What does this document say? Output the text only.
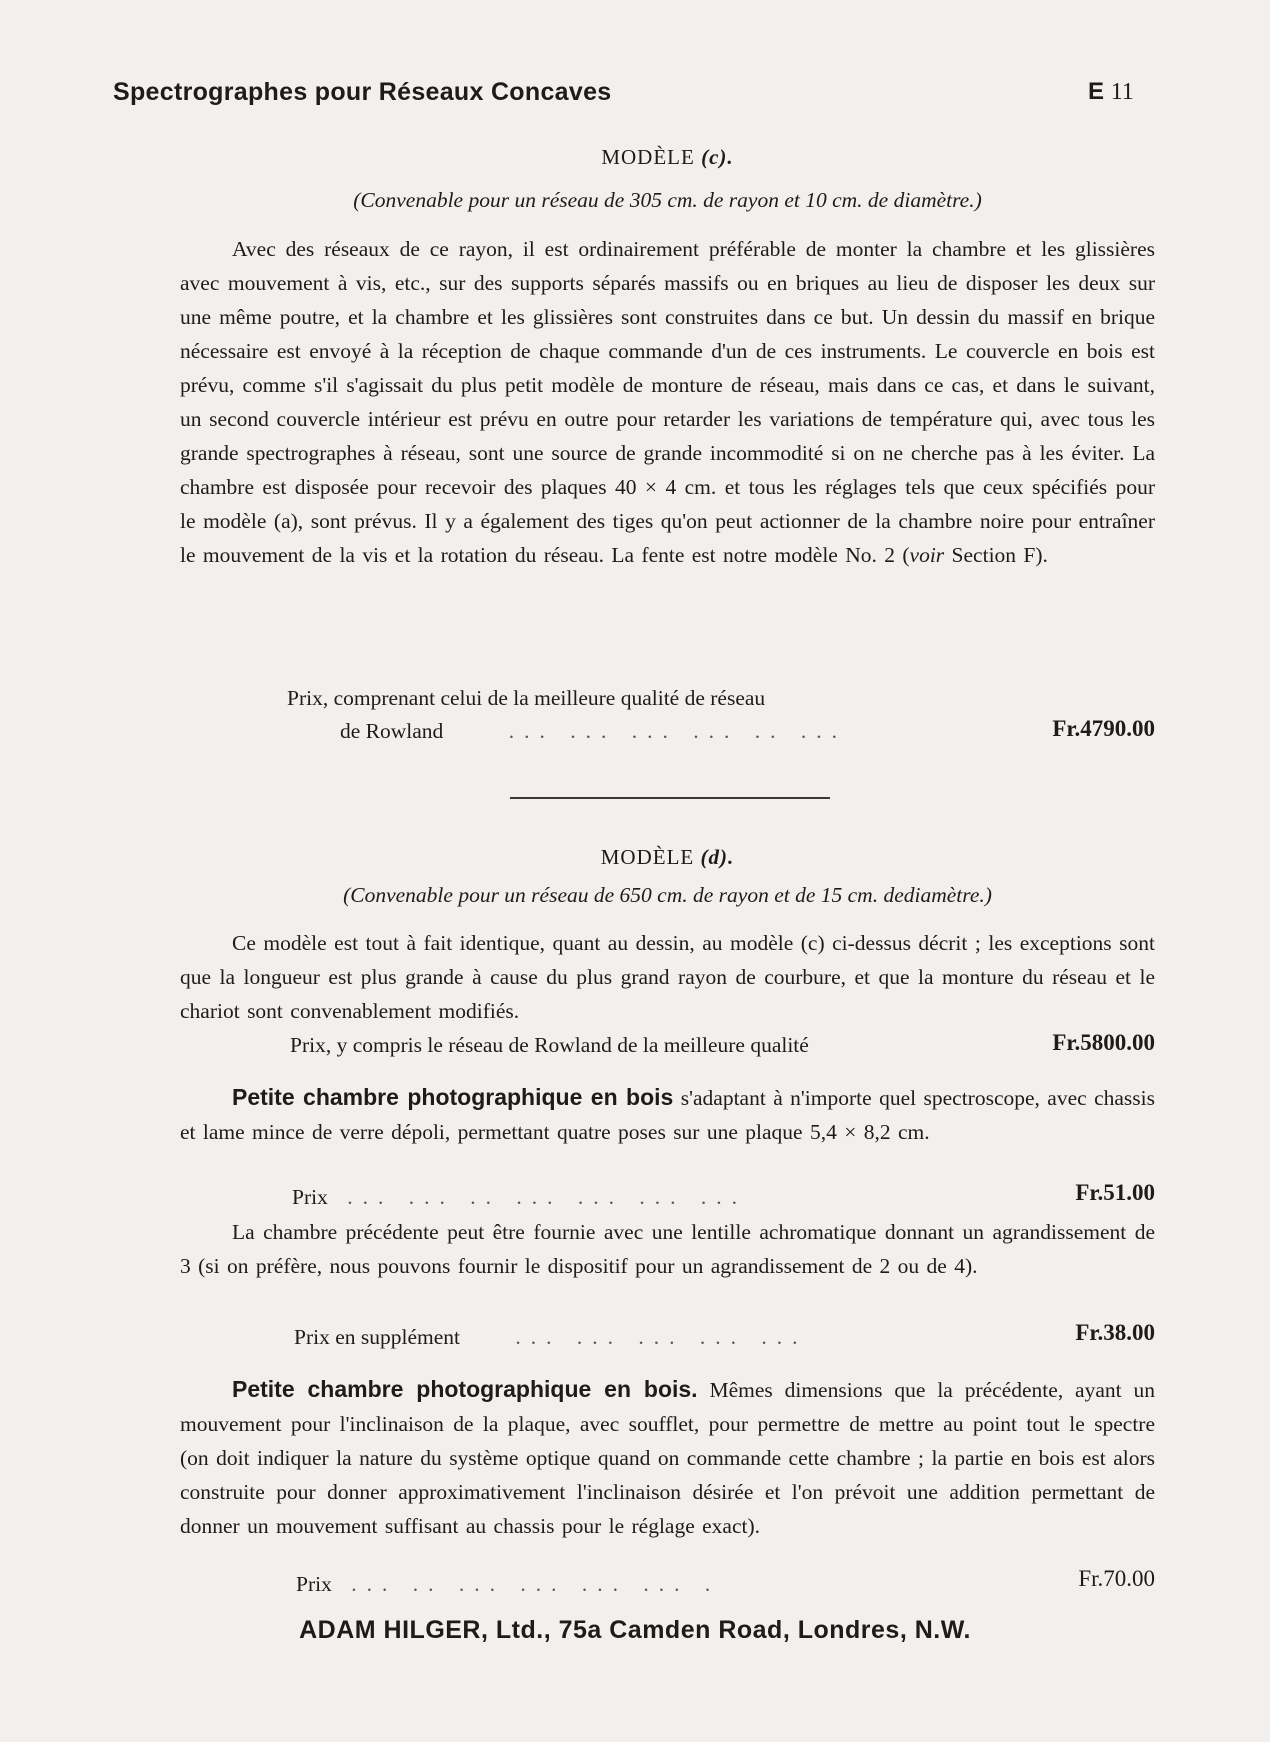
Spectrographes pour Réseaux Concaves	E 11
MODÈLE (c).
(Convenable pour un réseau de 305 cm. de rayon et 10 cm. de diamètre.)
Avec des réseaux de ce rayon, il est ordinairement préférable de monter la chambre et les glissières avec mouvement à vis, etc., sur des supports séparés massifs ou en briques au lieu de disposer les deux sur une même poutre, et la chambre et les glissières sont construites dans ce but. Un dessin du massif en brique nécessaire est envoyé à la réception de chaque commande d'un de ces instruments. Le couvercle en bois est prévu, comme s'il s'agissait du plus petit modèle de monture de réseau, mais dans ce cas, et dans le suivant, un second couvercle intérieur est prévu en outre pour retarder les variations de température qui, avec tous les grande spectrographes à réseau, sont une source de grande incommodité si on ne cherche pas à les éviter. La chambre est disposée pour recevoir des plaques 40 × 4 cm. et tous les réglages tels que ceux spécifiés pour le modèle (a), sont prévus. Il y a également des tiges qu'on peut actionner de la chambre noire pour entraîner le mouvement de la vis et la rotation du réseau. La fente est notre modèle No. 2 (voir Section F).
Prix, comprenant celui de la meilleure qualité de réseau
de Rowland	... ... ... ... .. ...	Fr.4790.00
MODÈLE (d).
(Convenable pour un réseau de 650 cm. de rayon et de 15 cm. dediamètre.)
Ce modèle est tout à fait identique, quant au dessin, au modèle (c) ci-dessus décrit ; les exceptions sont que la longueur est plus grande à cause du plus grand rayon de courbure, et que la monture du réseau et le chariot sont convenablement modifiés.
Prix, y compris le réseau de Rowland de la meilleure qualité	Fr.5800.00
Petite chambre photographique en bois s'adaptant à n'importe quel spectroscope, avec chassis et lame mince de verre dépoli, permettant quatre poses sur une plaque 5,4 × 8,2 cm.
Prix ... ... .. ... ... ... ...	Fr.51.00
La chambre précédente peut être fournie avec une lentille achromatique donnant un agrandissement de 3 (si on préfère, nous pouvons fournir le dispositif pour un agrandissement de 2 ou de 4).
Prix en supplément	... ... ... ... ...	Fr.38.00
Petite chambre photographique en bois. Mêmes dimensions que la précédente, ayant un mouvement pour l'inclinaison de la plaque, avec soufflet, pour permettre de mettre au point tout le spectre (on doit indiquer la nature du système optique quand on commande cette chambre ; la partie en bois est alors construite pour donner approximativement l'inclinaison désirée et l'on prévoit une addition permettant de donner un mouvement suffisant au chassis pour le réglage exact).
Prix ... .. ... ... ... ... .	Fr.70.00
ADAM HILGER, Ltd., 75a Camden Road, Londres, N.W.
